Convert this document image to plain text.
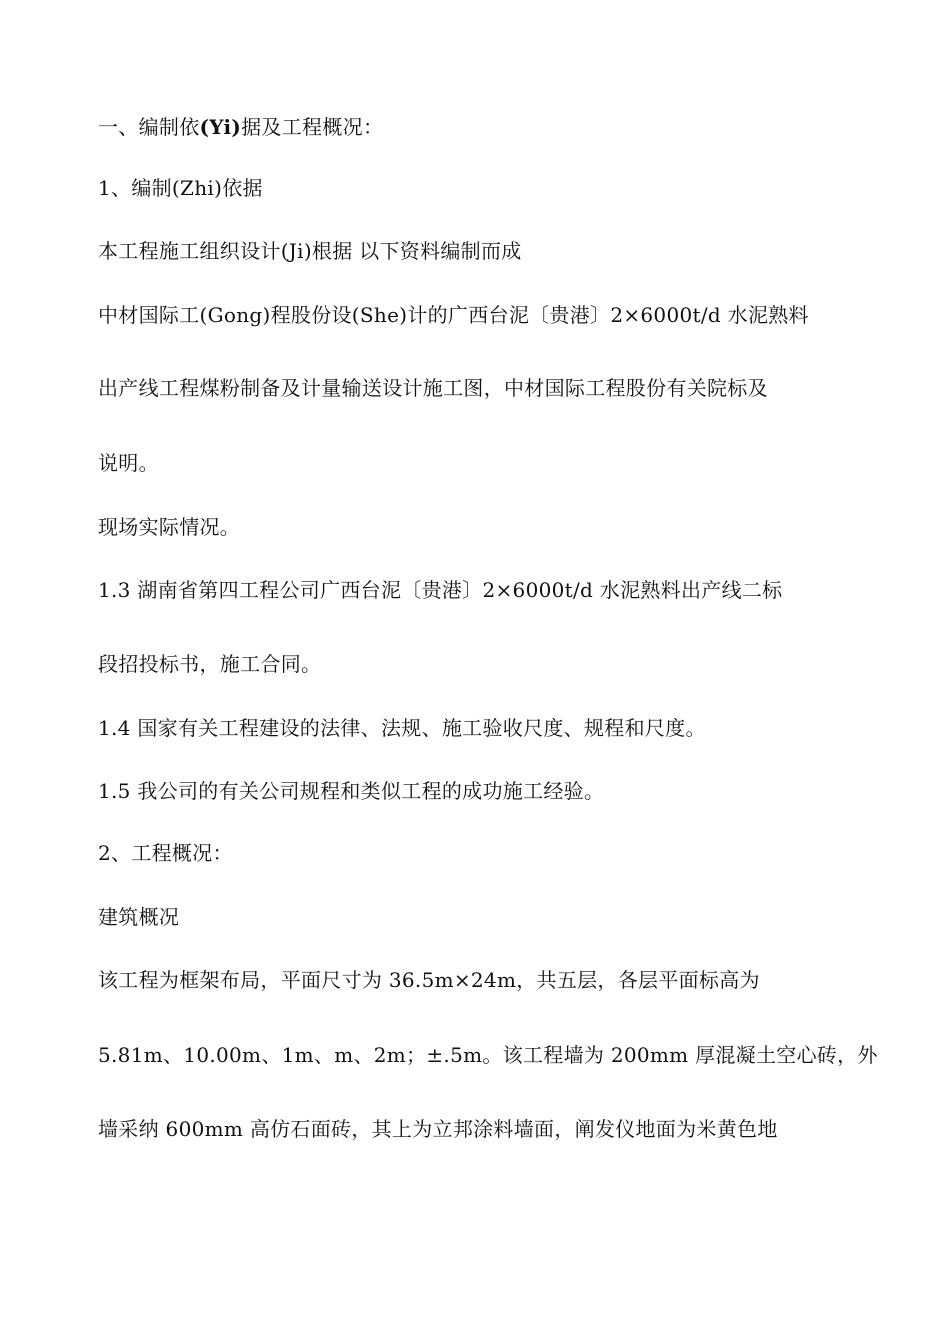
一、编制依(Yi)据及工程概况：
1、编制(Zhi)依据
本工程施工组织设计(Ji)根据 以下资料编制而成
中材国际工(Gong)程股份设(She)计的广西台泥〔贵港〕2×6000t/d 水泥熟料
出产线工程煤粉制备及计量输送设计施工图，中材国际工程股份有关院标及
说明。
现场实际情况。
1.3 湖南省第四工程公司广西台泥〔贵港〕2×6000t/d 水泥熟料出产线二标
段招投标书，施工合同。
1.4 国家有关工程建设的法律、法规、施工验收尺度、规程和尺度。
1.5 我公司的有关公司规程和类似工程的成功施工经验。
2、工程概况：
建筑概况
该工程为框架布局，平面尺寸为 36.5m×24m，共五层，各层平面标高为
5.81m、10.00m、1m、m、2m；±.5m。该工程墙为 200mm 厚混凝土空心砖，外
墙采纳 600mm 高仿石面砖，其上为立邦涂料墙面，阐发仪地面为米黄色地
